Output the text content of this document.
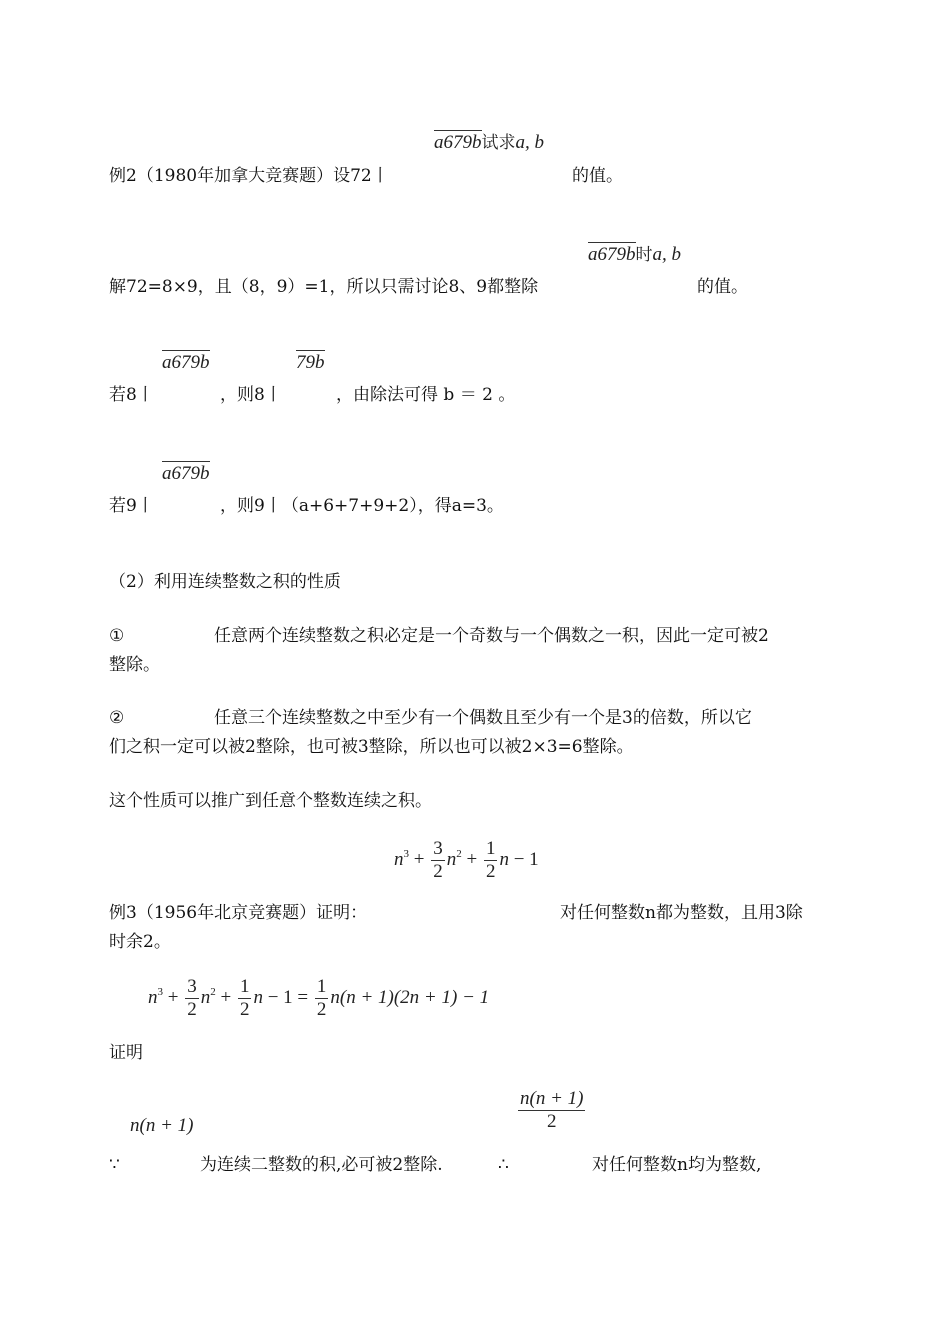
a679b试求a, b
例2（1980年加拿大竞赛题）设72丨	的值。
a679b时a, b
解72=8×9，且（8，9）=1，所以只需讨论8、9都整除	的值。
a679b	79b
若8丨	，则8丨	，由除法可得 b ＝ 2 。
a679b
若9丨	，则9丨（a+6+7+9+2），得a=3。
（2）利用连续整数之积的性质
①	任意两个连续整数之积必定是一个奇数与一个偶数之一积，因此一定可被2
整除。
②	任意三个连续整数之中至少有一个偶数且至少有一个是3的倍数，所以它
们之积一定可以被2整除，也可被3整除，所以也可以被2×3=6整除。
这个性质可以推广到任意个整数连续之积。
$n^3 + \frac{3}{2} n^2 + \frac{1}{2}$ n − 1
例3（1956年北京竞赛题）证明：	对任何整数n都为整数，且用3除
时余2。
$n^3 + \frac{3}{2} n^2 + \frac{1}{2}$ $n - 1 = \frac{1}{2} n(n + 1)(2n + 1) - 1$
证明
n(n + 1)	$\frac{n(n + 1)}{2}$
∵	为连续二整数的积,必可被2整除.	∴	对任何整数n均为整数,
